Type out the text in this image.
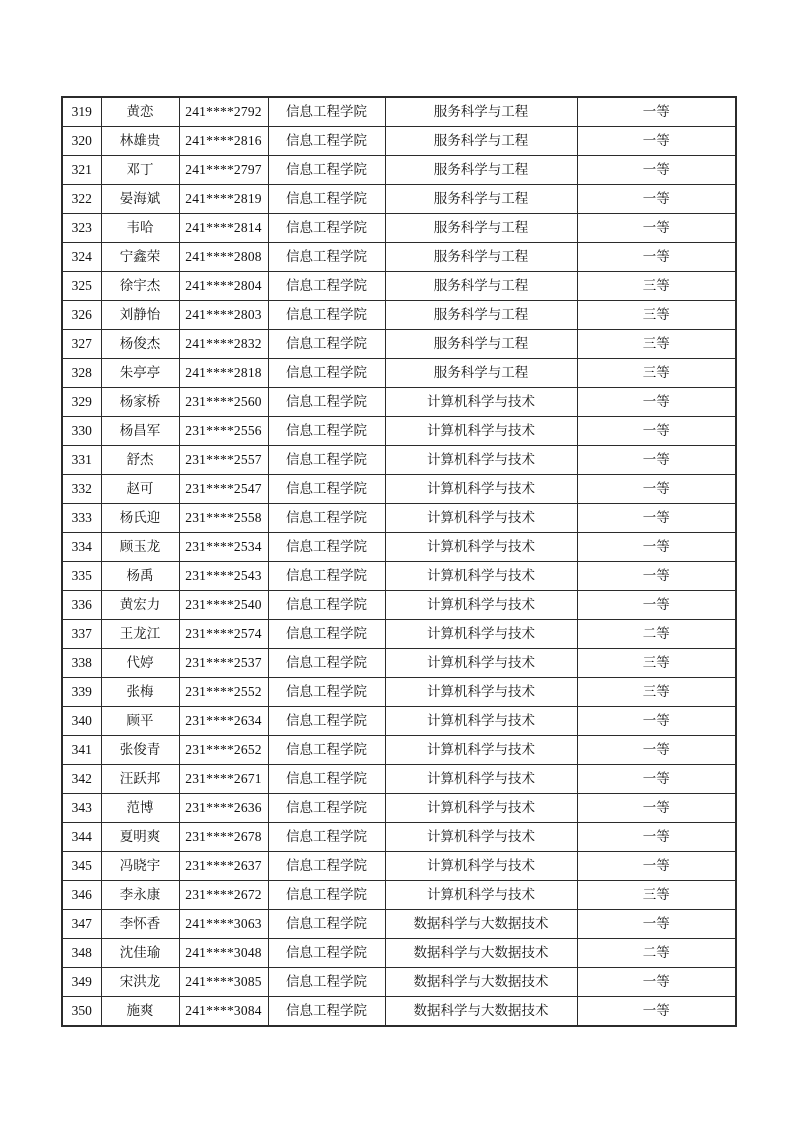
319	黄恋	241****2792	信息工程学院	服务科学与工程	一等
320	林雄贵	241****2816	信息工程学院	服务科学与工程	一等
321	邓丁	241****2797	信息工程学院	服务科学与工程	一等
322	晏海斌	241****2819	信息工程学院	服务科学与工程	一等
323	韦哈	241****2814	信息工程学院	服务科学与工程	一等
324	宁鑫荣	241****2808	信息工程学院	服务科学与工程	一等
325	徐宇杰	241****2804	信息工程学院	服务科学与工程	三等
326	刘静怡	241****2803	信息工程学院	服务科学与工程	三等
327	杨俊杰	241****2832	信息工程学院	服务科学与工程	三等
328	朱亭亭	241****2818	信息工程学院	服务科学与工程	三等
329	杨家桥	231****2560	信息工程学院	计算机科学与技术	一等
330	杨昌军	231****2556	信息工程学院	计算机科学与技术	一等
331	舒杰	231****2557	信息工程学院	计算机科学与技术	一等
332	赵可	231****2547	信息工程学院	计算机科学与技术	一等
333	杨氏迎	231****2558	信息工程学院	计算机科学与技术	一等
334	顾玉龙	231****2534	信息工程学院	计算机科学与技术	一等
335	杨禹	231****2543	信息工程学院	计算机科学与技术	一等
336	黄宏力	231****2540	信息工程学院	计算机科学与技术	一等
337	王龙江	231****2574	信息工程学院	计算机科学与技术	二等
338	代婷	231****2537	信息工程学院	计算机科学与技术	三等
339	张梅	231****2552	信息工程学院	计算机科学与技术	三等
340	顾平	231****2634	信息工程学院	计算机科学与技术	一等
341	张俊青	231****2652	信息工程学院	计算机科学与技术	一等
342	汪跃邦	231****2671	信息工程学院	计算机科学与技术	一等
343	范博	231****2636	信息工程学院	计算机科学与技术	一等
344	夏明爽	231****2678	信息工程学院	计算机科学与技术	一等
345	冯晓宇	231****2637	信息工程学院	计算机科学与技术	一等
346	李永康	231****2672	信息工程学院	计算机科学与技术	三等
347	李怀香	241****3063	信息工程学院	数据科学与大数据技术	一等
348	沈佳瑜	241****3048	信息工程学院	数据科学与大数据技术	二等
349	宋洪龙	241****3085	信息工程学院	数据科学与大数据技术	一等
350	施爽	241****3084	信息工程学院	数据科学与大数据技术	一等
